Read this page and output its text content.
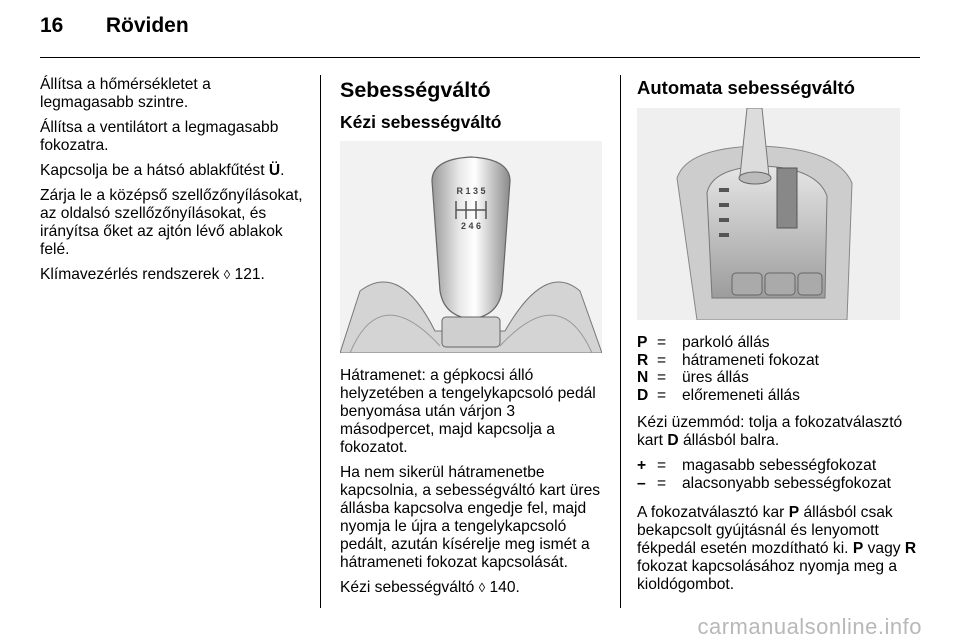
16 Röviden

Állítsa a hőmérsékletet a legmagasabb szintre.

Állítsa a ventilátort a legmagasabb fokozatra.

Kapcsolja be a hátsó ablakfűtést Ü.

Zárja le a középső szellőzőnyílásokat, az oldalsó szellőzőnyílásokat, és irányítsa őket az ajtón lévő ablakok felé.

Klímavezérlés rendszerek ◊ 121.

Sebességváltó
Kézi sebességváltó
R 1 3 5
2 4 6

Hátramenet: a gépkocsi álló helyzetében a tengelykapcsoló pedál benyomása után várjon 3 másodpercet, majd kapcsolja a fokozatot.

Ha nem sikerül hátramenetbe kapcsolnia, a sebességváltó kart üres állásba kapcsolva engedje fel, majd nyomja le újra a tengelykapcsoló pedált, azután kísérelje meg ismét a hátrameneti fokozat kapcsolását.

Kézi sebességváltó ◊ 140.

Automata sebességváltó
P =	parkoló állás
R =	hátrameneti fokozat
N =	üres állás
D =	előremeneti állás

Kézi üzemmód: tolja a fokozatválasztó kart D állásból balra.

+ =	magasabb sebességfokozat
– =	alacsonyabb sebességfokozat

A fokozatválasztó kar P állásból csak bekapcsolt gyújtásnál és lenyomott fékpedál esetén mozdítható ki. P vagy R fokozat kapcsolásához nyomja meg a kioldógombot.

carmanualsonline.info
